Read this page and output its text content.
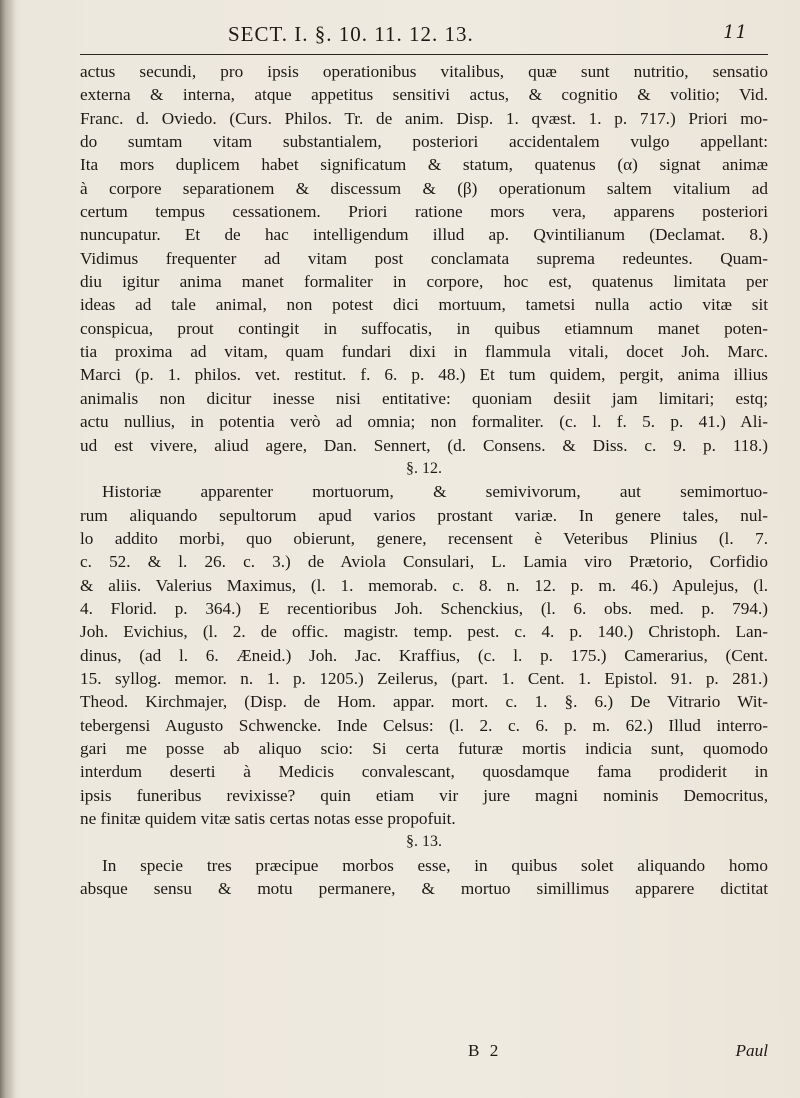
SECT. I. §. 10. 11. 12. 13.	11
actus secundi, pro ipsis operationibus vitalibus, quæ sunt nutritio, sensatio
externa & interna, atque appetitus sensitivi actus, & cognitio & volitio; Vid.
Franc. d. Oviedo. (Curs. Philos. Tr. de anim. Disp. 1. qvæst. 1. p. 717.) Priori mo-
do sumtam vitam substantialem, posteriori accidentalem vulgo appellant:
Ita mors duplicem habet significatum & statum, quatenus (α) signat animæ
à corpore separationem & discessum & (β) operationum saltem vitalium ad
certum tempus cessationem. Priori ratione mors vera, apparens posteriori
nuncupatur. Et de hac intelligendum illud ap. Qvintilianum (Declamat. 8.)
Vidimus frequenter ad vitam post conclamata suprema redeuntes. Quam-
diu igitur anima manet formaliter in corpore, hoc est, quatenus limitata per
ideas ad tale animal, non potest dici mortuum, tametsi nulla actio vitæ sit
conspicua, prout contingit in suffocatis, in quibus etiamnum manet poten-
tia proxima ad vitam, quam fundari dixi in flammula vitali, docet Joh. Marc.
Marci (p. 1. philos. vet. restitut. f. 6. p. 48.) Et tum quidem, pergit, anima illius
animalis non dicitur inesse nisi entitative: quoniam desiit jam limitari; estq;
actu nullius, in potentia verò ad omnia; non formaliter. (c. l. f. 5. p. 41.) Ali-
ud est vivere, aliud agere, Dan. Sennert, (d. Consens. & Diss. c. 9. p. 118.)
§. 12.
Historiæ apparenter mortuorum, & semivivorum, aut semimortuo-
rum aliquando sepultorum apud varios prostant variæ. In genere tales, nul-
lo addito morbi, quo obierunt, genere, recensent è Veteribus Plinius (l. 7.
c. 52. & l. 26. c. 3.) de Aviola Consulari, L. Lamia viro Prætorio, Corfidio
& aliis. Valerius Maximus, (l. 1. memorab. c. 8. n. 12. p. m. 46.) Apulejus, (l.
4. Florid. p. 364.) E recentioribus Joh. Schenckius, (l. 6. obs. med. p. 794.)
Joh. Evichius, (l. 2. de offic. magistr. temp. pest. c. 4. p. 140.) Christoph. Lan-
dinus, (ad l. 6. Æneid.) Joh. Jac. Kraffius, (c. l. p. 175.) Camerarius, (Cent.
15. syllog. memor. n. 1. p. 1205.) Zeilerus, (part. 1. Cent. 1. Epistol. 91. p. 281.)
Theod. Kirchmajer, (Disp. de Hom. appar. mort. c. 1. §. 6.) De Vitrario Wit-
tebergensi Augusto Schwencke. Inde Celsus: (l. 2. c. 6. p. m. 62.) Illud interro-
gari me posse ab aliquo scio: Si certa futuræ mortis indicia sunt, quomodo
interdum deserti à Medicis convalescant, quosdamque fama prodiderit in
ipsis funeribus revixisse? quin etiam vir jure magni nominis Democritus,
ne finitæ quidem vitæ satis certas notas esse propofuit.
§. 13.
In specie tres præcipue morbos esse, in quibus solet aliquando homo
absque sensu & motu permanere, & mortuo simillimus apparere dictitat
B 2	Paul
